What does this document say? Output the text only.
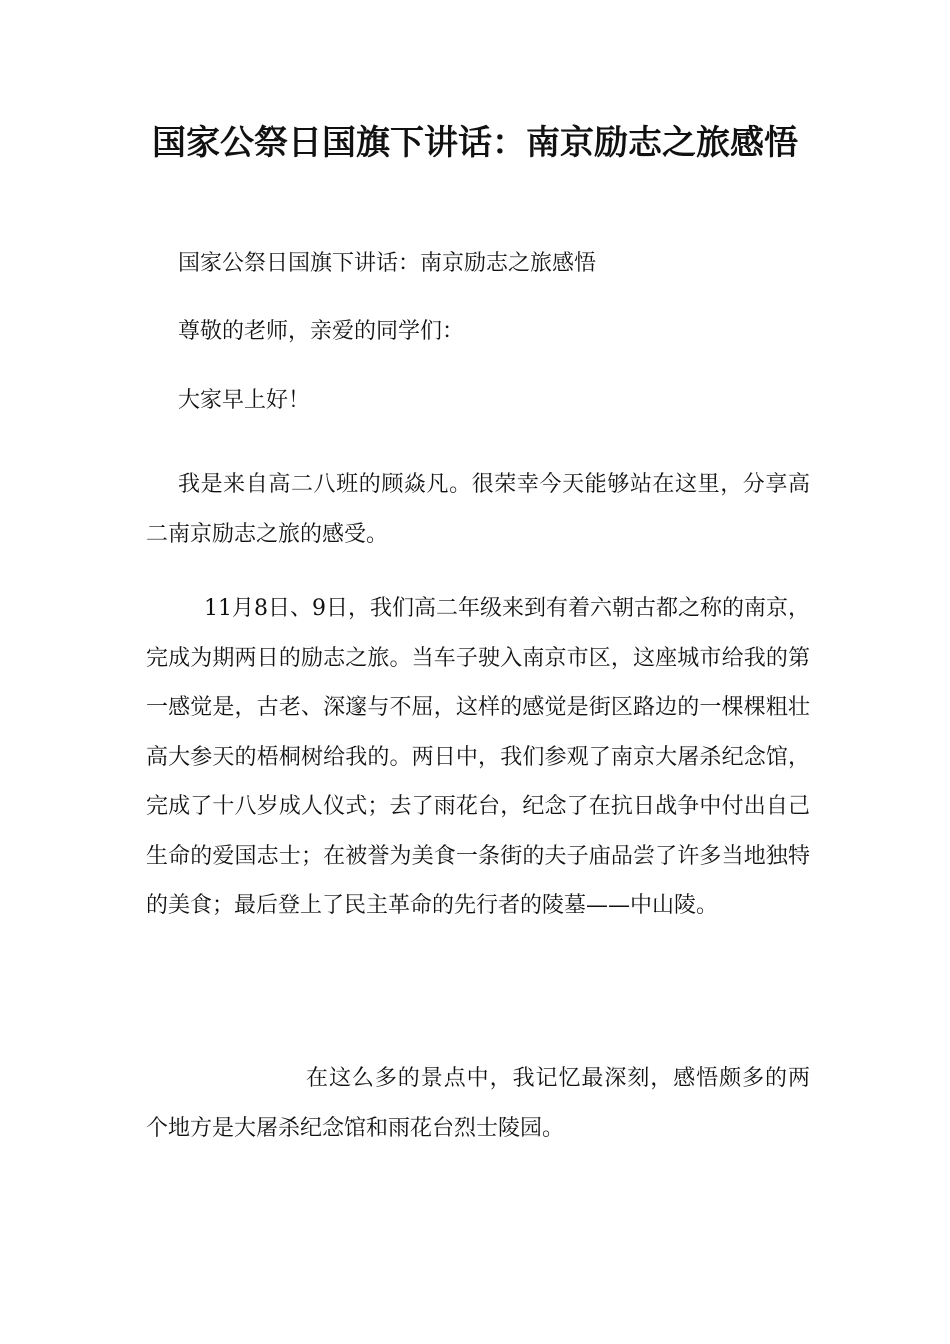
国家公祭日国旗下讲话：南京励志之旅感悟

国家公祭日国旗下讲话：南京励志之旅感悟

尊敬的老师，亲爱的同学们：

大家早上好！

我是来自高二八班的顾焱凡。很荣幸今天能够站在这里，分享高二南京励志之旅的感受。

11月8日、9日，我们高二年级来到有着六朝古都之称的南京，完成为期两日的励志之旅。当车子驶入南京市区，这座城市给我的第一感觉是，古老、深邃与不屈，这样的感觉是街区路边的一棵棵粗壮高大参天的梧桐树给我的。两日中，我们参观了南京大屠杀纪念馆，完成了十八岁成人仪式；去了雨花台，纪念了在抗日战争中付出自己生命的爱国志士；在被誉为美食一条街的夫子庙品尝了许多当地独特的美食；最后登上了民主革命的先行者的陵墓——中山陵。

在这么多的景点中，我记忆最深刻，感悟颇多的两个地方是大屠杀纪念馆和雨花台烈士陵园。
